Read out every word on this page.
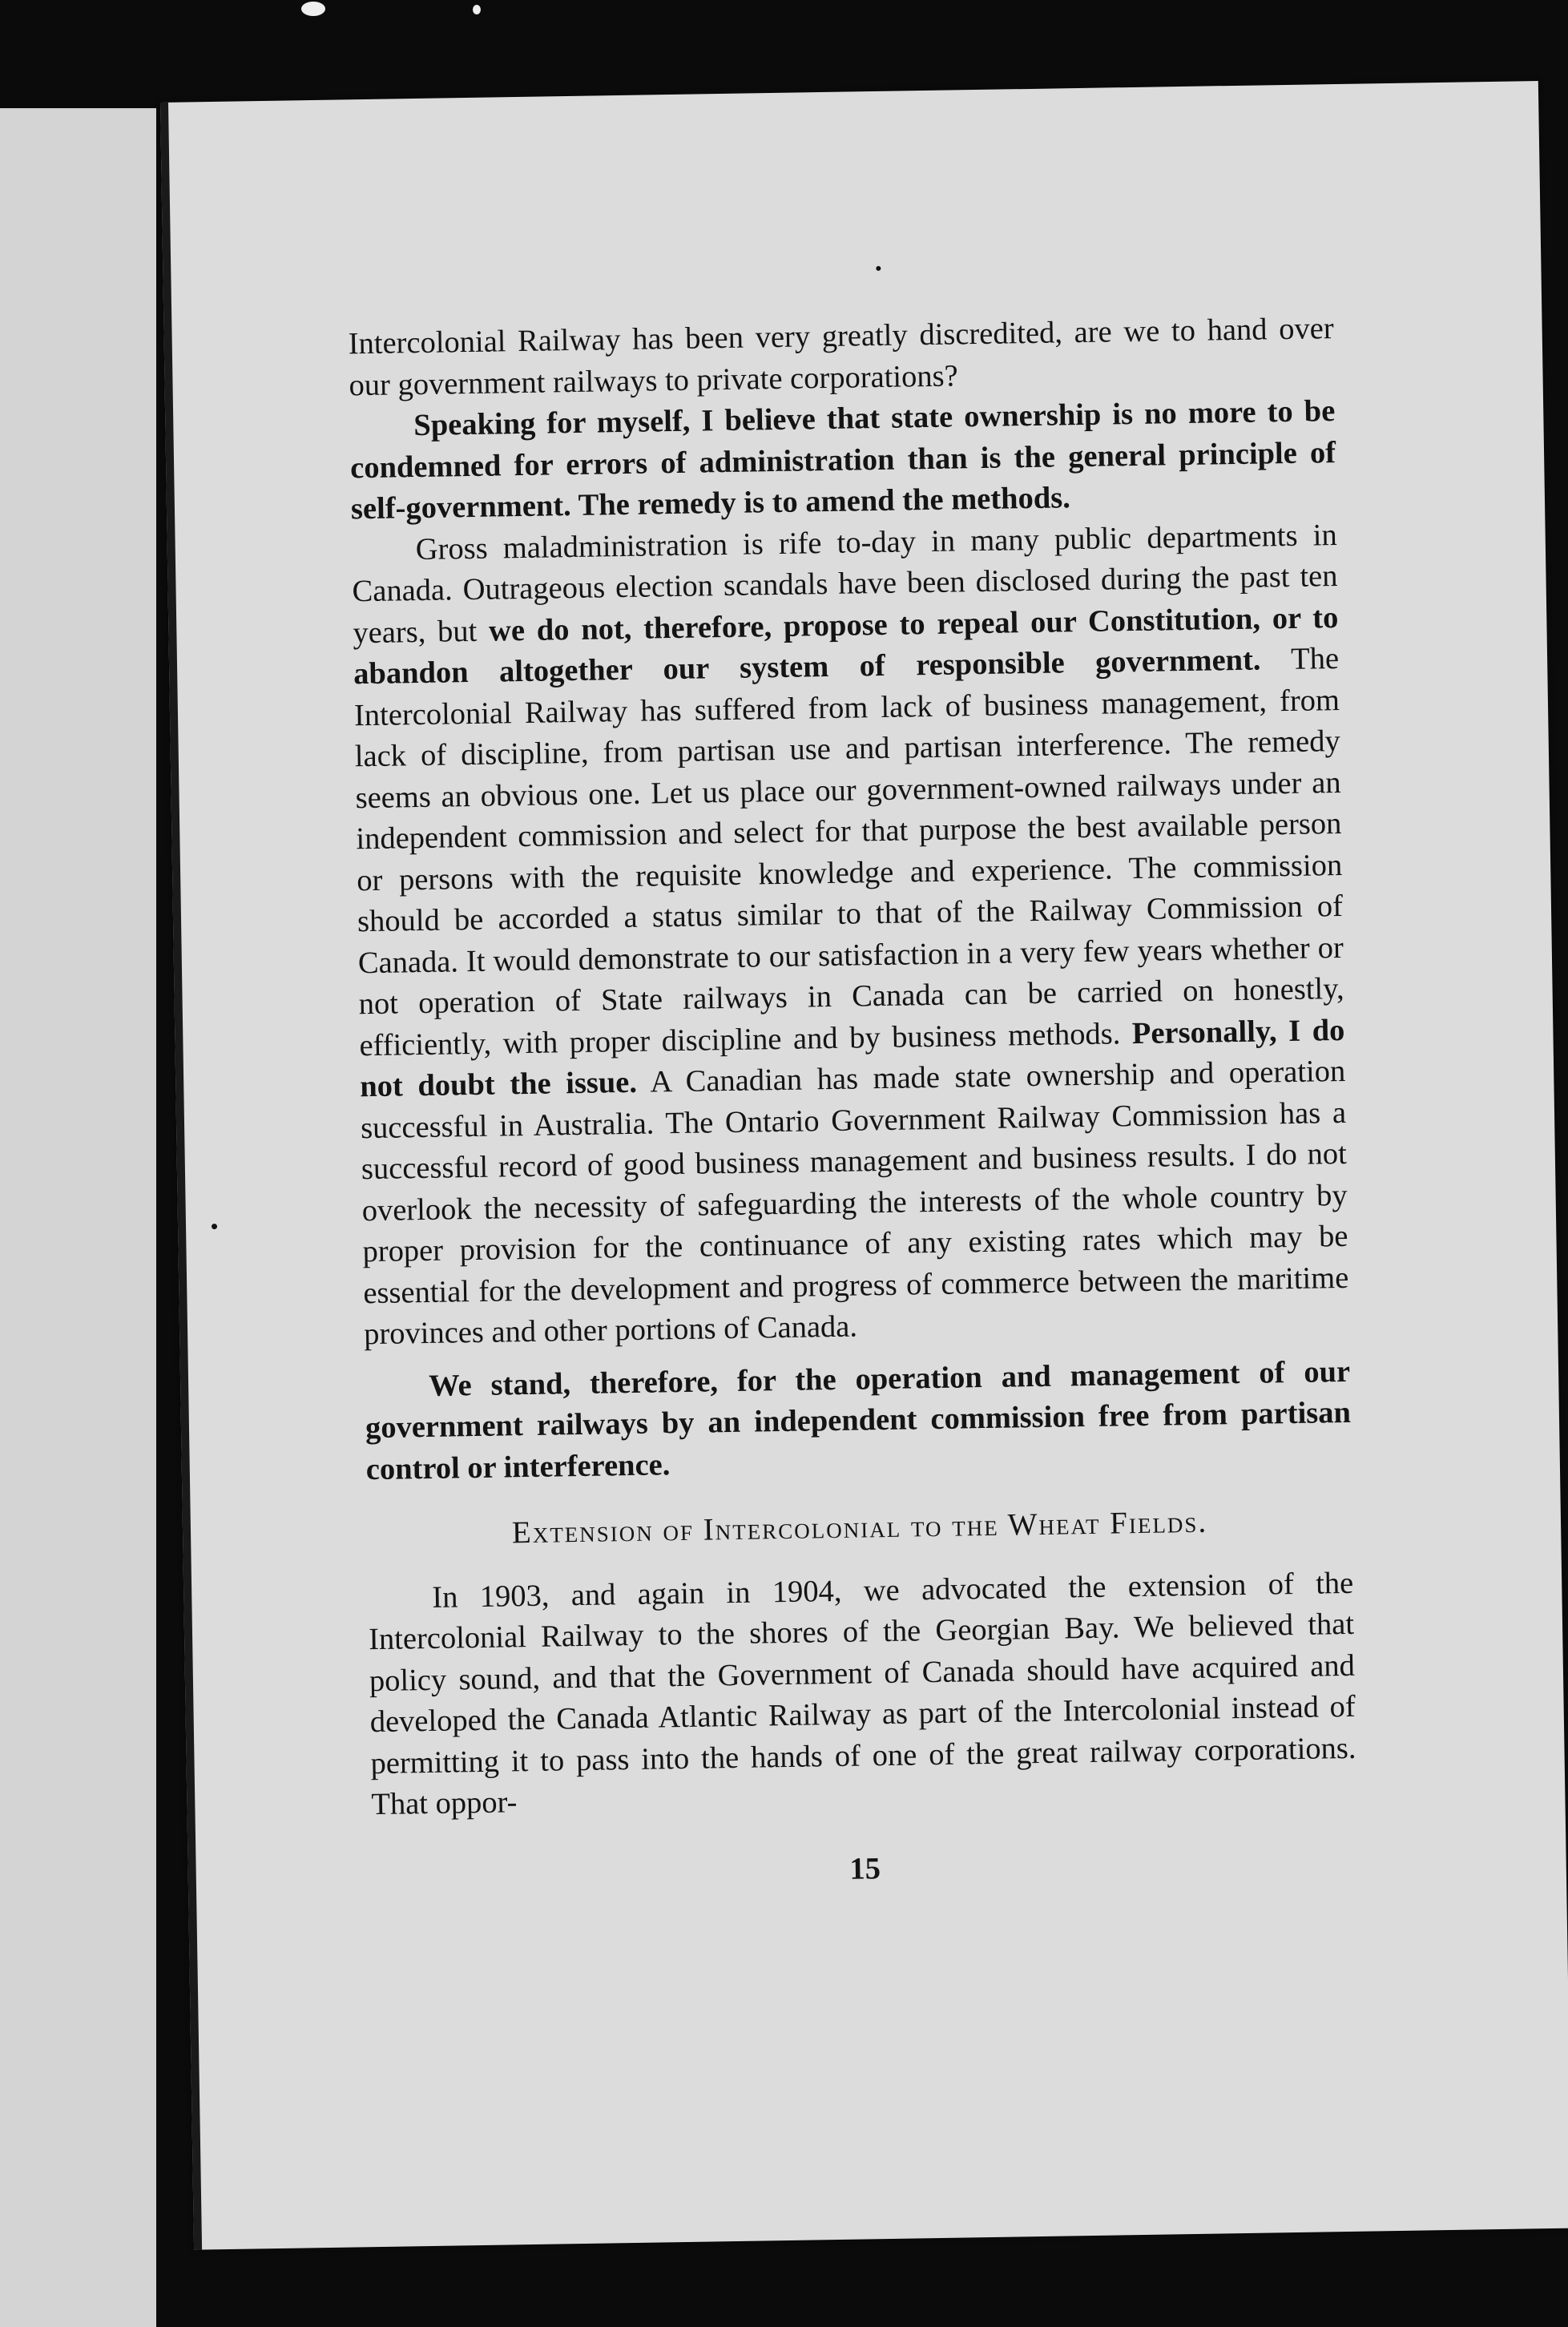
Intercolonial Railway has been very greatly discredited, are we to hand over our government railways to private corporations?

Speaking for myself, I believe that state ownership is no more to be condemned for errors of administration than is the general principle of self-government. The remedy is to amend the methods.

Gross maladministration is rife to-day in many public departments in Canada. Outrageous election scandals have been disclosed during the past ten years, but we do not, therefore, propose to repeal our Constitution, or to abandon altogether our system of responsible government. The Intercolonial Railway has suffered from lack of business management, from lack of discipline, from partisan use and partisan interference. The remedy seems an obvious one. Let us place our government-owned railways under an independent commission and select for that purpose the best available person or persons with the requisite knowledge and experience. The commission should be accorded a status similar to that of the Railway Commission of Canada. It would demonstrate to our satisfaction in a very few years whether or not operation of State railways in Canada can be carried on honestly, efficiently, with proper discipline and by business methods. Personally, I do not doubt the issue. A Canadian has made state ownership and operation successful in Australia. The Ontario Government Railway Commission has a successful record of good business management and business results. I do not overlook the necessity of safeguarding the interests of the whole country by proper provision for the continuance of any existing rates which may be essential for the development and progress of commerce between the maritime provinces and other portions of Canada.

We stand, therefore, for the operation and management of our government railways by an independent commission free from partisan control or interference.

Extension of Intercolonial to the Wheat Fields.

In 1903, and again in 1904, we advocated the extension of the Intercolonial Railway to the shores of the Georgian Bay. We believed that policy sound, and that the Government of Canada should have acquired and developed the Canada Atlantic Railway as part of the Intercolonial instead of permitting it to pass into the hands of one of the great railway corporations. That oppor-

15
